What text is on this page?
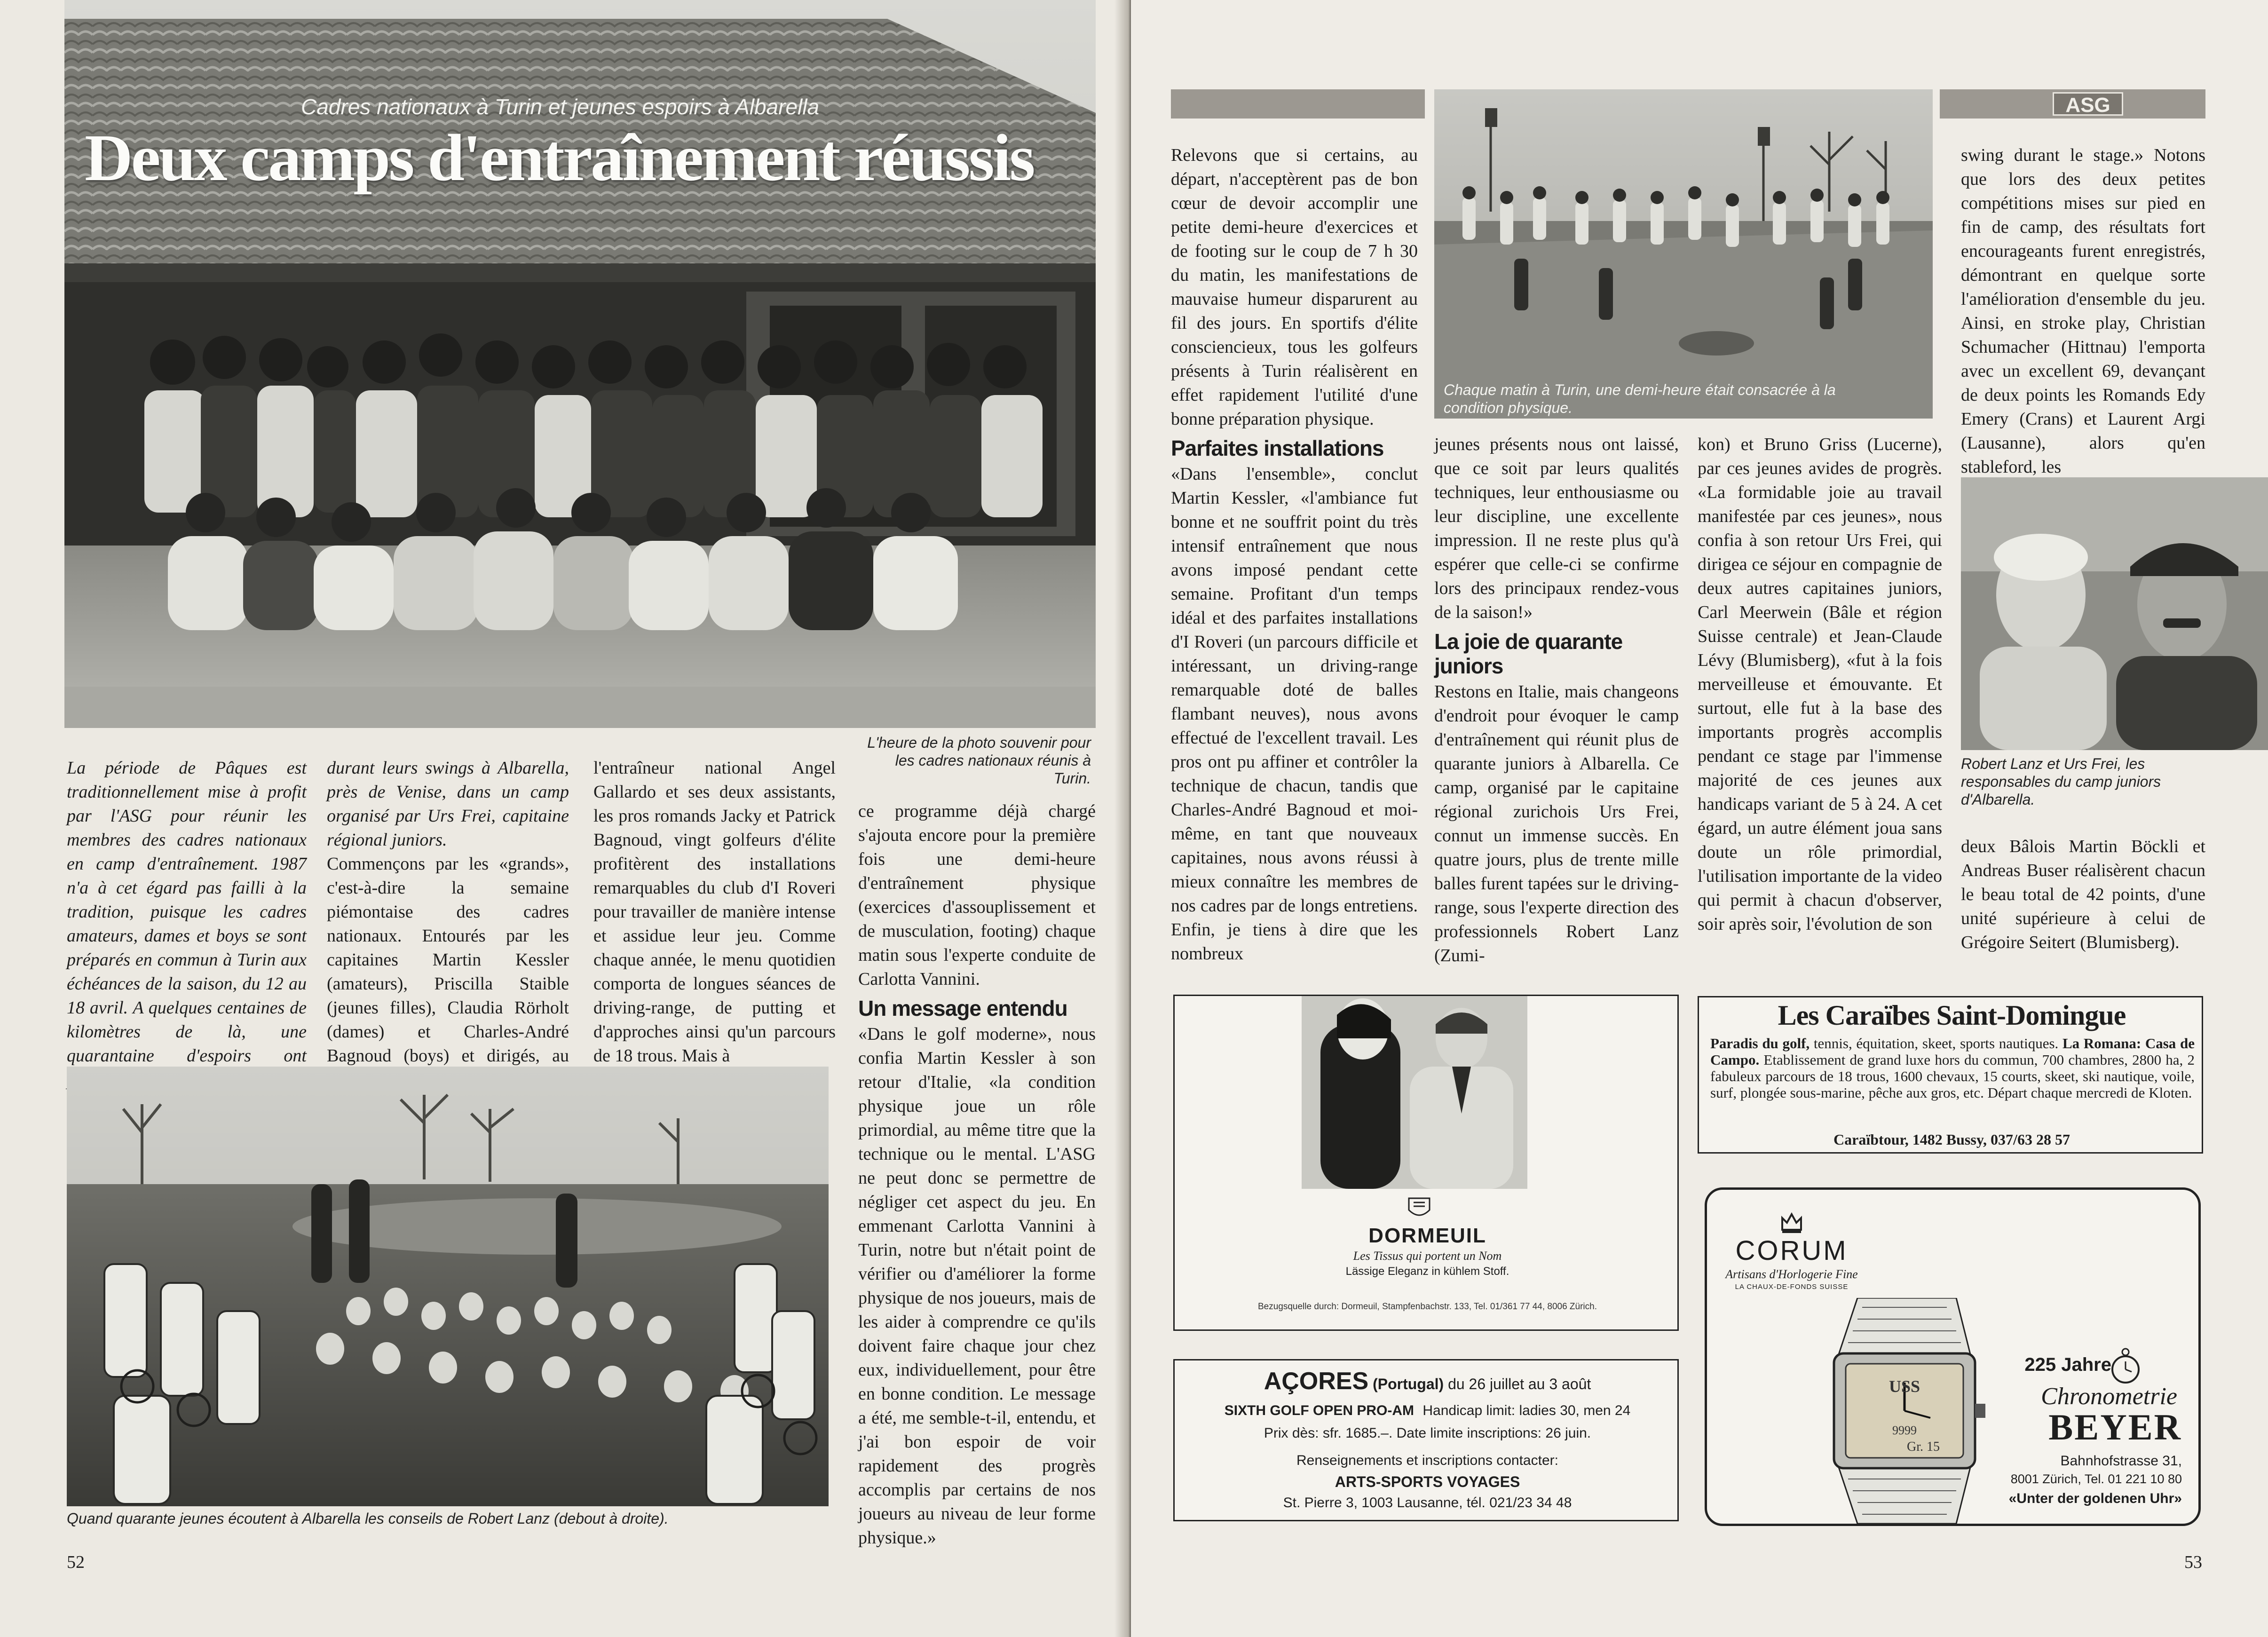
Cadres nationaux à Turin et jeunes espoirs à Albarella
Deux camps d'entraînement réussis
L'heure de la photo souvenir pour les cadres nationaux réunis à Turin.
La période de Pâques est traditionnellement mise à profit par l'ASG pour réunir les membres des cadres nationaux en camp d'entraînement. 1987 n'a à cet égard pas failli à la tradition, puisque les cadres amateurs, dames et boys se sont préparés en commun à Turin aux échéances de la saison, du 12 au 18 avril. A quelques centaines de kilomètres de là, une quarantaine d'espoirs ont

durant leurs swings à Albarella, près de Venise, dans un camp organisé par Urs Frei, capitaine régional juniors.

Commençons par les «grands», c'est-à-dire la semaine piémontaise des cadres nationaux. Entourés par les capitaines Martin Kessler (amateurs), Priscilla Staible (jeunes filles), Claudia Rörholt (dames) et Charles-André Bagnoud (boys) et dirigés, au

l'entraîneur national Angel Gallardo et ses deux assistants, les pros romands Jacky et Patrick Bagnoud, vingt golfeurs d'élite profitèrent des installations remarquables du club d'I Roveri pour travailler de manière intense et assidue leur jeu. Comme chaque année, le menu quotidien comporta de longues séances de driving-range, de putting et d'approches ainsi qu'un parcours de 18 trous. Mais à

ce programme déjà chargé s'ajouta encore pour la première fois une demi-heure d'entraînement physique (exercices d'assouplissement et de musculation, footing) chaque matin sous l'experte conduite de Carlotta Vannini.

Un message entendu

«Dans le golf moderne», nous confia Martin Kessler à son retour d'Italie, «la condition physique joue un rôle primordial, au même titre que la technique ou le mental. L'ASG ne peut donc se permettre de négliger cet aspect du jeu. En emmenant Carlotta Vannini à Turin, notre but n'était point de vérifier ou d'améliorer la forme physique de nos joueurs, mais de les aider à comprendre ce qu'ils doivent faire chaque jour chez eux, individuellement, pour être en bonne condition. Le message a été, me semble-t-il, entendu, et j'ai bon espoir de voir rapidement des progrès accomplis par certains de nos joueurs au niveau de leur forme physique.»

Quand quarante jeunes écoutent à Albarella les conseils de Robert Lanz (debout à droite).
52
ASG
Chaque matin à Turin, une demi-heure était consacrée à la condition physique.

Relevons que si certains, au départ, n'acceptèrent pas de bon cœur de devoir accomplir une petite demi-heure d'exercices et de footing sur le coup de 7 h 30 du matin, les manifestations de mauvaise humeur disparurent au fil des jours. En sportifs d'élite consciencieux, tous les golfeurs présents à Turin réalisèrent en effet rapidement l'utilité d'une bonne préparation physique.

Parfaites installations

«Dans l'ensemble», conclut Martin Kessler, «l'ambiance fut bonne et ne souffrit point du très intensif entraînement que nous avons imposé pendant cette semaine. Profitant d'un temps idéal et des parfaites installations d'I Roveri (un parcours difficile et intéressant, un driving-range remarquable doté de balles flambant neuves), nous avons effectué de l'excellent travail. Les pros ont pu affiner et contrôler la technique de chacun, tandis que Charles-André Bagnoud et moi-même, en tant que nouveaux capitaines, nous avons réussi à mieux connaître les membres de nos cadres par de longs entretiens. Enfin, je tiens à dire que les nombreux

jeunes présents nous ont laissé, que ce soit par leurs qualités techniques, leur enthousiasme ou leur discipline, une excellente impression. Il ne reste plus qu'à espérer que celle-ci se confirme lors des principaux rendez-vous de la saison!»

La joie de quarante juniors

Restons en Italie, mais changeons d'endroit pour évoquer le camp d'entraînement qui réunit plus de quarante juniors à Albarella. Ce camp, organisé par le capitaine régional zurichois Urs Frei, connut un immense succès. En quatre jours, plus de trente mille balles furent tapées sur le driving-range, sous l'experte direction des professionnels Robert Lanz (Zumi-

kon) et Bruno Griss (Lucerne), par ces jeunes avides de progrès. «La formidable joie au travail manifestée par ces jeunes», nous confia à son retour Urs Frei, qui dirigea ce séjour en compagnie de deux autres capitaines juniors, Carl Meerwein (Bâle et région Suisse centrale) et Jean-Claude Lévy (Blumisberg), «fut à la fois merveilleuse et émouvante. Et surtout, elle fut à la base des importants progrès accomplis pendant ce stage par l'immense majorité de ces jeunes aux handicaps variant de 5 à 24. A cet égard, un autre élément joua sans doute un rôle primordial, l'utilisation importante de la video qui permit à chacun d'observer, soir après soir, l'évolution de son
swing durant le stage.» Notons que lors des deux petites compétitions mises sur pied en fin de camp, des résultats fort encourageants furent enregistrés, démontrant en quelque sorte l'amélioration d'ensemble du jeu. Ainsi, en stroke play, Christian Schumacher (Hittnau) l'emporta avec un excellent 69, devançant de deux points les Romands Edy Emery (Crans) et Laurent Argi (Lausanne), alors qu'en stableford, les
Robert Lanz et Urs Frei, les responsables du camp juniors d'Albarella.
deux Bâlois Martin Böckli et Andreas Buser réalisèrent chacun le beau total de 42 points, d'une unité supérieure à celui de Grégoire Seitert (Blumisberg).
DORMEUIL
Les Tissus qui portent un Nom
Lässige Eleganz in kühlem Stoff.
Bezugsquelle durch: Dormeuil, Stampfenbachstr. 133, Tel. 01/361 77 44, 8006 Zürich.
AÇORES (Portugal) du 26 juillet au 3 août
SIXTH GOLF OPEN PRO-AM Handicap limit: ladies 30, men 24
Prix dès: sfr. 1685.–. Date limite inscriptions: 26 juin.
Renseignements et inscriptions contacter:
ARTS-SPORTS VOYAGES
St. Pierre 3, 1003 Lausanne, tél. 021/23 34 48
Les Caraïbes Saint-Domingue
Paradis du golf, tennis, équitation, skeet, sports nautiques. La Romana: Casa de Campo. Etablissement de grand luxe hors du commun, 700 chambres, 2800 ha, 2 fabuleux parcours de 18 trous, 1600 chevaux, 15 courts, skeet, ski nautique, voile, surf, plongée sous-marine, pêche aux gros, etc. Départ chaque mercredi de Kloten.
Caraïbtour, 1482 Bussy, 037/63 28 57
CORUM
Artisans d'Horlogerie Fine
LA CHAUX-DE-FONDS SUISSE
USS
9999
Gr. 15
225 Jahre
Chronometrie
BEYER
Bahnhofstrasse 31,
8001 Zürich, Tel. 01 221 10 80
«Unter der goldenen Uhr»
53
